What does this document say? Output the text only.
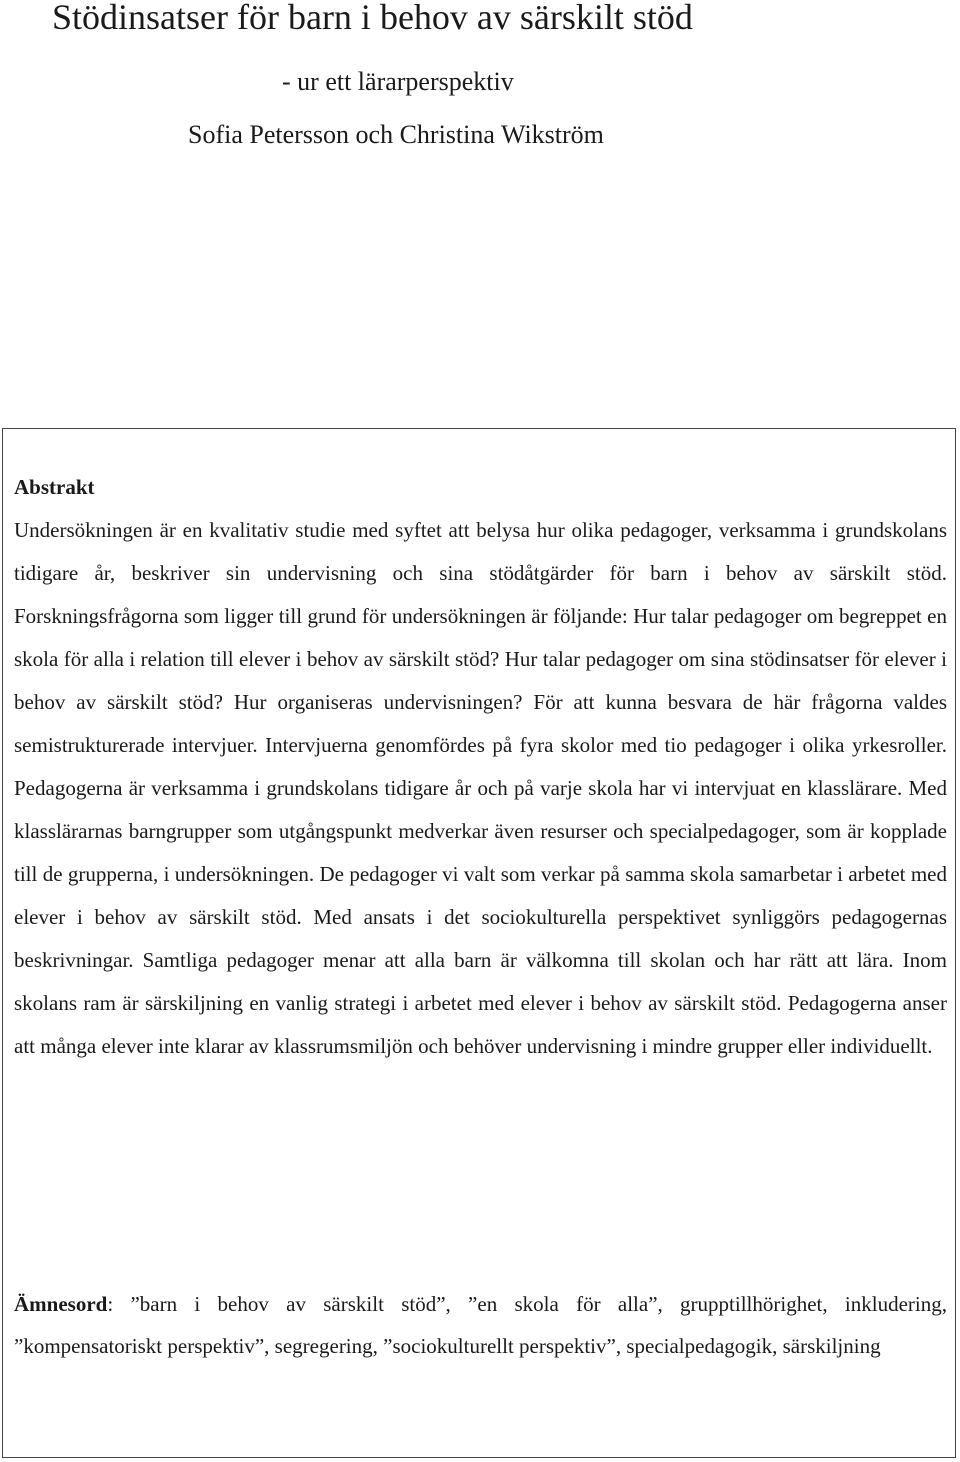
Stödinsatser för barn i behov av särskilt stöd
- ur ett lärarperspektiv
Sofia Petersson och Christina Wikström
Abstrakt

Undersökningen är en kvalitativ studie med syftet att belysa hur olika pedagoger, verksamma i grundskolans tidigare år, beskriver sin undervisning och sina stödåtgärder för barn i behov av särskilt stöd. Forskningsfrågorna som ligger till grund för undersökningen är följande: Hur talar pedagoger om begreppet en skola för alla i relation till elever i behov av särskilt stöd? Hur talar pedagoger om sina stödinsatser för elever i behov av särskilt stöd? Hur organiseras undervisningen? För att kunna besvara de här frågorna valdes semistrukturerade intervjuer. Intervjuerna genomfördes på fyra skolor med tio pedagoger i olika yrkesroller. Pedagogerna är verksamma i grundskolans tidigare år och på varje skola har vi intervjuat en klasslärare. Med klasslärarnas barngrupper som utgångspunkt medverkar även resurser och specialpedagoger, som är kopplade till de grupperna, i undersökningen. De pedagoger vi valt som verkar på samma skola samarbetar i arbetet med elever i behov av särskilt stöd. Med ansats i det sociokulturella perspektivet synliggörs pedagogernas beskrivningar. Samtliga pedagoger menar att alla barn är välkomna till skolan och har rätt att lära. Inom skolans ram är särskiljning en vanlig strategi i arbetet med elever i behov av särskilt stöd. Pedagogerna anser att många elever inte klarar av klassrumsmiljön och behöver undervisning i mindre grupper eller individuellt.

Ämnesord: ”barn i behov av särskilt stöd”, ”en skola för alla”, grupptillhörighet, inkludering, ”kompensatoriskt perspektiv”, segregering, ”sociokulturellt perspektiv”, specialpedagogik, särskiljning
